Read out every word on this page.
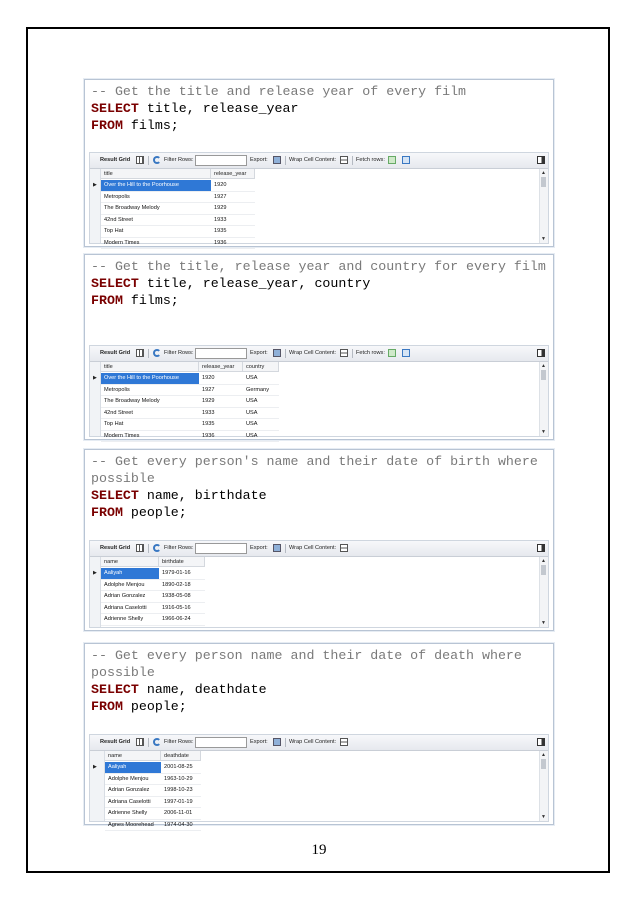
-- Get the title and release year of every film
SELECT title, release_year
FROM films;
Result Grid	Filter Rows:	Export:	Wrap Cell Content:	Fetch rows:
▶
title	release_year
Over the Hill to the Poorhouse	1920
Metropolis	1927
The Broadway Melody	1929
42nd Street	1933
Top Hat	1935
Modern Times	1936
▲
▼
-- Get the title, release year and country for every film
SELECT title, release_year, country
FROM films;
Result Grid	Filter Rows:	Export:	Wrap Cell Content:	Fetch rows:
▶
title	release_year	country
Over the Hill to the Poorhouse	1920	USA
Metropolis	1927	Germany
The Broadway Melody	1929	USA
42nd Street	1933	USA
Top Hat	1935	USA
Modern Times	1936	USA
▲
▼
-- Get every person's name and their date of birth where possible
SELECT name, birthdate
FROM people;
Result Grid	Filter Rows:	Export:	Wrap Cell Content:
▶
name	birthdate
Aaliyah	1979-01-16
Adolphe Menjou	1890-02-18
Adrian Gonzalez	1938-05-08
Adriana Caselotti	1916-05-16
Adrienne Shelly	1966-06-24
▲
▼
-- Get every person name and their date of death where possible
SELECT name, deathdate
FROM people;
Result Grid	Filter Rows:	Export:	Wrap Cell Content:
▶
name	deathdate
Aaliyah	2001-08-25
Adolphe Menjou	1963-10-29
Adrian Gonzalez	1998-10-23
Adriana Caselotti	1997-01-19
Adrienne Shelly	2006-11-01
Agnes Moorehead	1974-04-30
▲
▼
19
